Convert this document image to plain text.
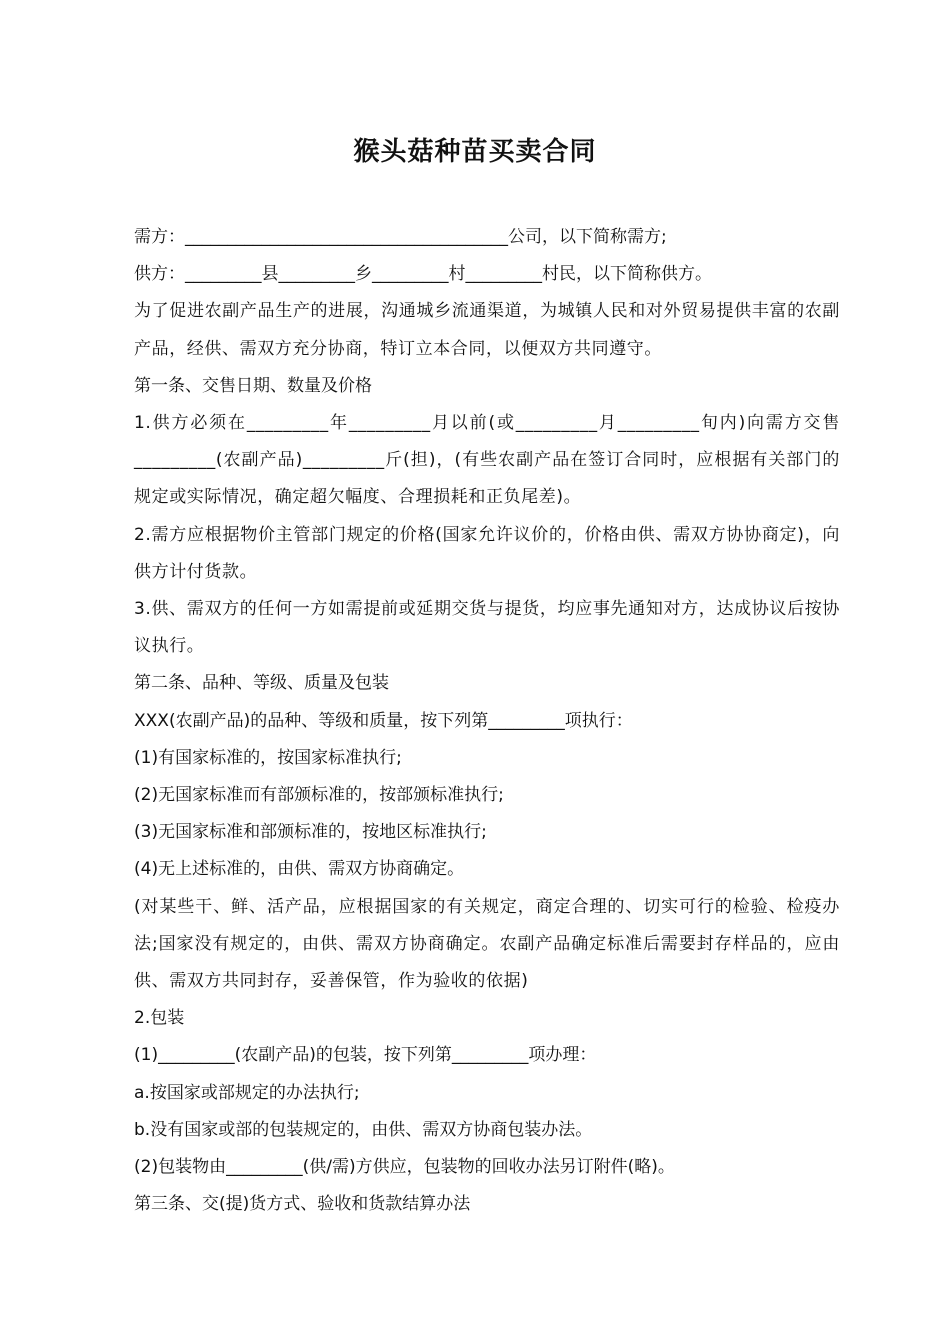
猴头菇种苗买卖合同

需方：______________________________________公司，以下简称需方;

供方：_________县_________乡_________村_________村民，以下简称供方。

为了促进农副产品生产的进展，沟通城乡流通渠道，为城镇人民和对外贸易提供丰富的农副产品，经供、需双方充分协商，特订立本合同，以便双方共同遵守。

第一条、交售日期、数量及价格

1.供方必须在_________年_________月以前(或_________月_________旬内)向需方交售_________(农副产品)_________斤(担)，(有些农副产品在签订合同时，应根据有关部门的规定或实际情况，确定超欠幅度、合理损耗和正负尾差)。

2.需方应根据物价主管部门规定的价格(国家允许议价的，价格由供、需双方协协商定)，向供方计付货款。

3.供、需双方的任何一方如需提前或延期交货与提货，均应事先通知对方，达成协议后按协议执行。

第二条、品种、等级、质量及包装

XXX(农副产品)的品种、等级和质量，按下列第_________项执行：

(1)有国家标准的，按国家标准执行;

(2)无国家标准而有部颁标准的，按部颁标准执行;

(3)无国家标准和部颁标准的，按地区标准执行;

(4)无上述标准的，由供、需双方协商确定。

(对某些干、鲜、活产品，应根据国家的有关规定，商定合理的、切实可行的检验、检疫办法;国家没有规定的，由供、需双方协商确定。农副产品确定标准后需要封存样品的，应由供、需双方共同封存，妥善保管，作为验收的依据)

2.包装

(1)_________(农副产品)的包装，按下列第_________项办理：

a.按国家或部规定的办法执行;

b.没有国家或部的包装规定的，由供、需双方协商包装办法。

(2)包装物由_________(供/需)方供应，包装物的回收办法另订附件(略)。

第三条、交(提)货方式、验收和货款结算办法
